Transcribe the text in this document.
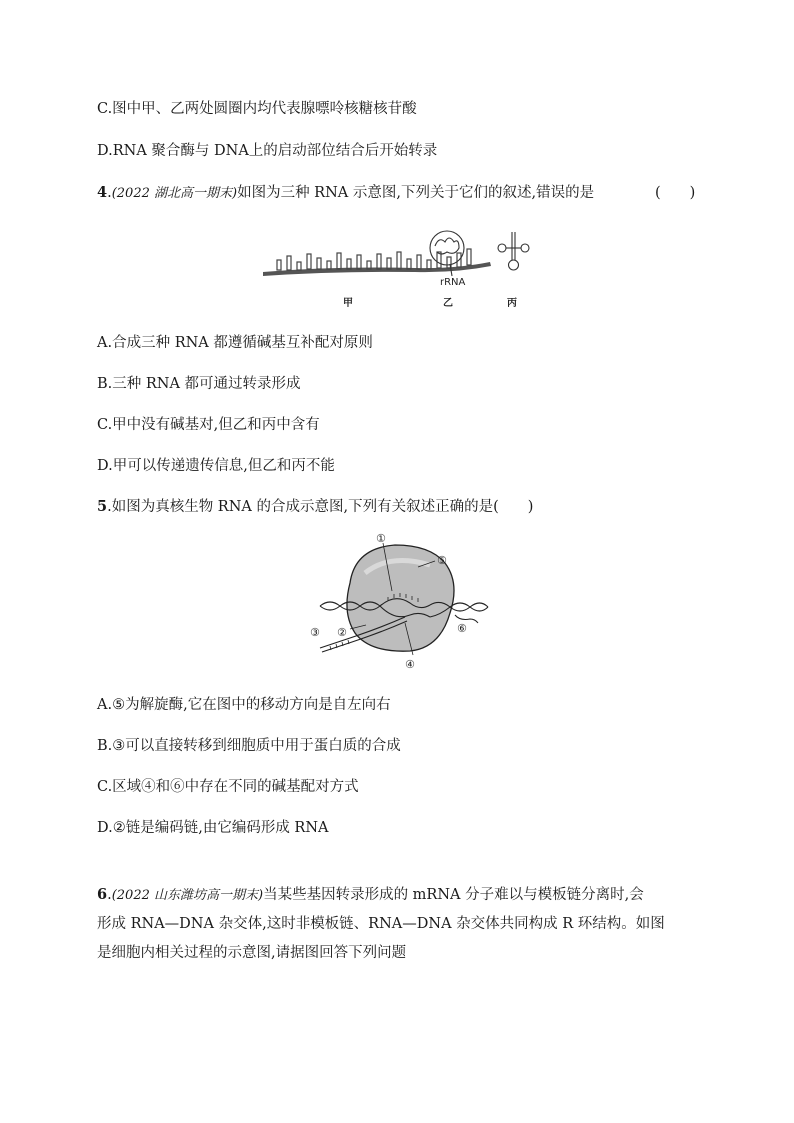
C.图中甲、乙两处圆圈内均代表腺嘌呤核糖核苷酸
D.RNA 聚合酶与 DNA上的启动部位结合后开始转录
4.(2022 湖北高一期末)如图为三种 RNA 示意图,下列关于它们的叙述,错误的是	(　　)
rRNA
甲	乙	丙
A.合成三种 RNA 都遵循碱基互补配对原则
B.三种 RNA 都可通过转录形成
C.甲中没有碱基对,但乙和丙中含有
D.甲可以传递遗传信息,但乙和丙不能
5.如图为真核生物 RNA 的合成示意图,下列有关叙述正确的是(　　)
①
⑤
③ ②	⑥
④
A.⑤为解旋酶,它在图中的移动方向是自左向右
B.③可以直接转移到细胞质中用于蛋白质的合成
C.区域④和⑥中存在不同的碱基配对方式
D.②链是编码链,由它编码形成 RNA
6.(2022 山东潍坊高一期末)当某些基因转录形成的 mRNA 分子难以与模板链分离时,会
形成 RNA—DNA 杂交体,这时非模板链、RNA—DNA 杂交体共同构成 R 环结构。如图
是细胞内相关过程的示意图,请据图回答下列问题
